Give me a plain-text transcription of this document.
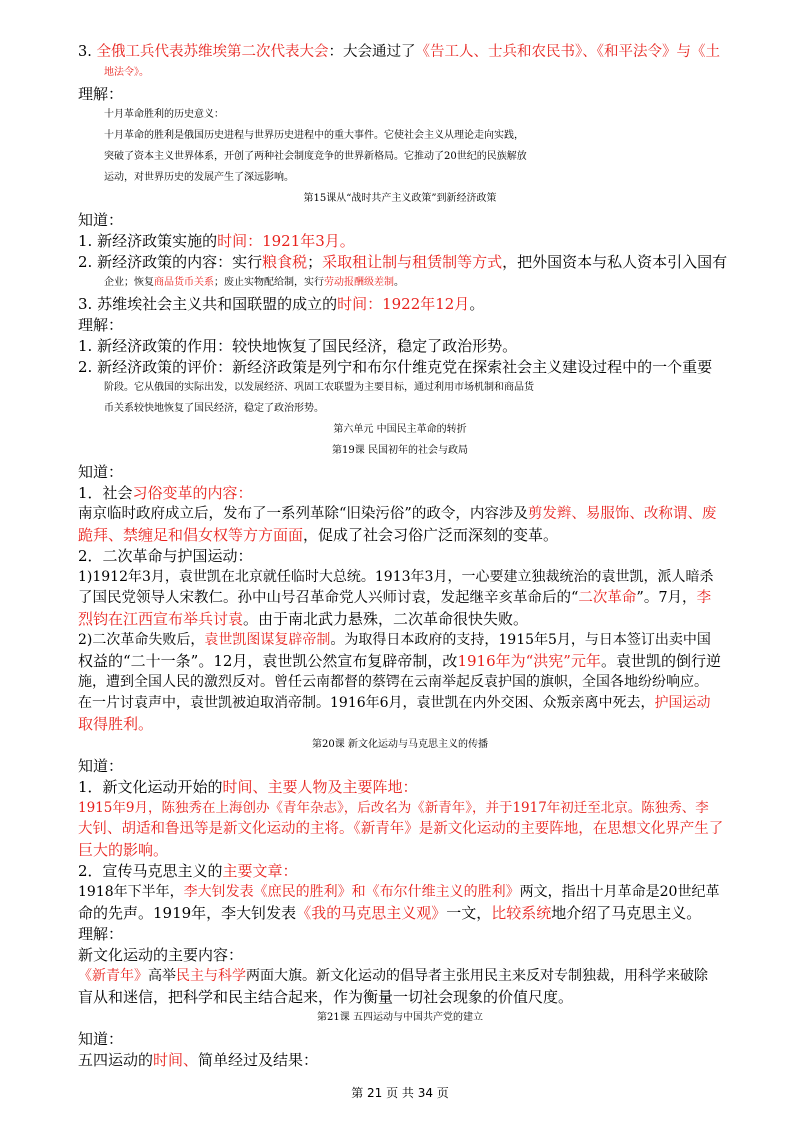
3. 全俄工兵代表苏维埃第二次代表大会：大会通过了《告工人、士兵和农民书》、《和平法令》与《土
地法令》。
理解：
十月革命胜利的历史意义：
十月革命的胜利是俄国历史进程与世界历史进程中的重大事件。它使社会主义从理论走向实践，
突破了资本主义世界体系，开创了两种社会制度竞争的世界新格局。它推动了20世纪的民族解放
运动，对世界历史的发展产生了深远影响。
第15课从“战时共产主义政策”到新经济政策
知道：
1. 新经济政策实施的时间：1921年3月。
2. 新经济政策的内容：实行粮食税；采取租让制与租赁制等方式，把外国资本与私人资本引入国有
企业；恢复商品货币关系；废止实物配给制，实行劳动报酬级差制。
3. 苏维埃社会主义共和国联盟的成立的时间：1922年12月。
理解：
1. 新经济政策的作用：较快地恢复了国民经济，稳定了政治形势。
2. 新经济政策的评价：新经济政策是列宁和布尔什维克党在探索社会主义建设过程中的一个重要
阶段。它从俄国的实际出发，以发展经济、巩固工农联盟为主要目标，通过利用市场机制和商品货
币关系较快地恢复了国民经济，稳定了政治形势。
第六单元 中国民主革命的转折
第19课 民国初年的社会与政局
知道：
1．社会习俗变革的内容：
南京临时政府成立后，发布了一系列革除“旧染污俗”的政令，内容涉及剪发辫、易服饰、改称谓、废
跪拜、禁缠足和倡女权等方方面面，促成了社会习俗广泛而深刻的变革。
2．二次革命与护国运动：
1)1912年3月，袁世凯在北京就任临时大总统。1913年3月，一心要建立独裁统治的袁世凯，派人暗杀
了国民党领导人宋教仁。孙中山号召革命党人兴师讨袁，发起继辛亥革命后的“二次革命”。7月，李
烈钧在江西宣布举兵讨袁。由于南北武力悬殊，二次革命很快失败。
2)二次革命失败后，袁世凯图谋复辟帝制。为取得日本政府的支持，1915年5月，与日本签订出卖中国
权益的“二十一条”。12月，袁世凯公然宣布复辟帝制，改1916年为“洪宪”元年。袁世凯的倒行逆
施，遭到全国人民的激烈反对。曾任云南都督的蔡锷在云南举起反袁护国的旗帜，全国各地纷纷响应。
在一片讨袁声中，袁世凯被迫取消帝制。1916年6月，袁世凯在内外交困、众叛亲离中死去，护国运动
取得胜利。
第20课 新文化运动与马克思主义的传播
知道：
1．新文化运动开始的时间、主要人物及主要阵地：
1915年9月，陈独秀在上海创办《青年杂志》，后改名为《新青年》，并于1917年初迁至北京。陈独秀、李
大钊、胡适和鲁迅等是新文化运动的主将。《新青年》是新文化运动的主要阵地，在思想文化界产生了
巨大的影响。
2．宣传马克思主义的主要文章：
1918年下半年，李大钊发表《庶民的胜利》和《布尔什维主义的胜利》两文，指出十月革命是20世纪革
命的先声。1919年，李大钊发表《我的马克思主义观》一文，比较系统地介绍了马克思主义。
理解：
新文化运动的主要内容：
《新青年》高举民主与科学两面大旗。新文化运动的倡导者主张用民主来反对专制独裁，用科学来破除
盲从和迷信，把科学和民主结合起来，作为衡量一切社会现象的价值尺度。
第21课 五四运动与中国共产党的建立
知道：
五四运动的时间、简单经过及结果：
第 21 页 共 34 页
